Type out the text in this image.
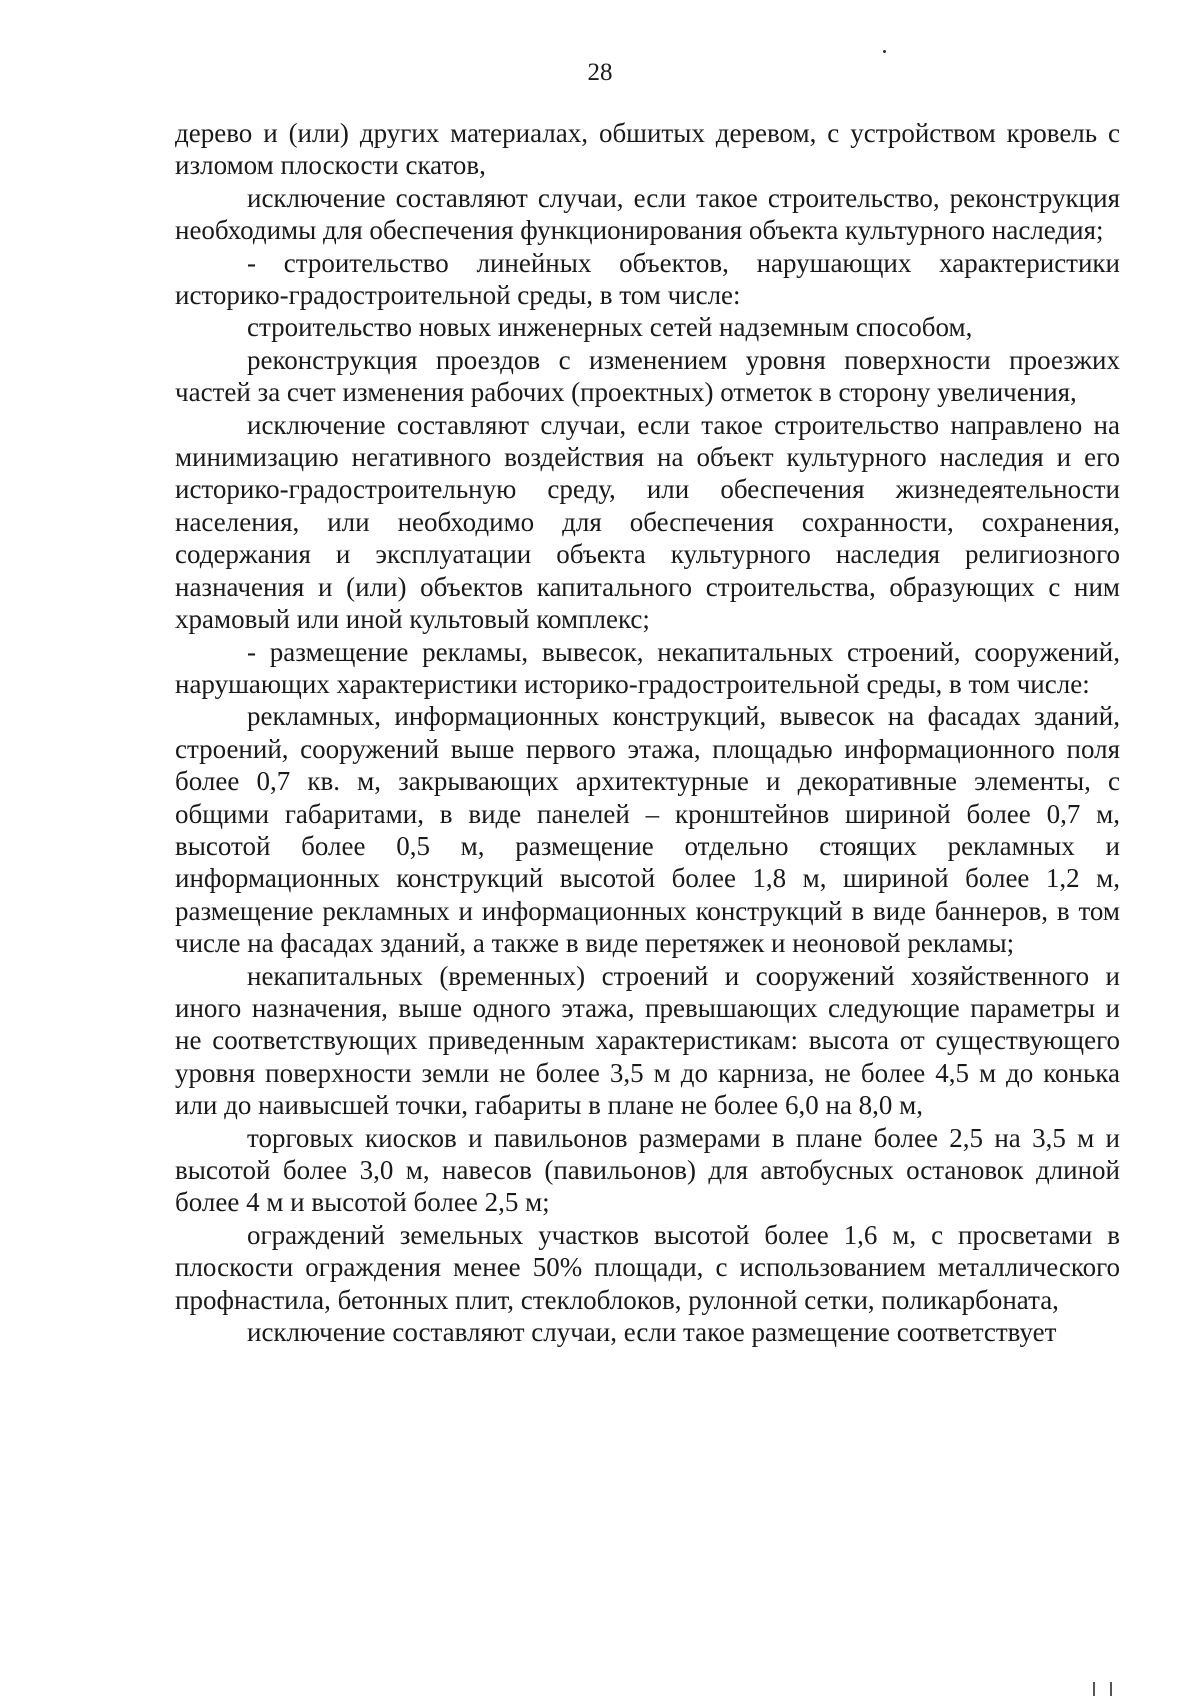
28

дерево и (или) других материалах, обшитых деревом, с устройством кровель с изломом плоскости скатов,

исключение составляют случаи, если такое строительство, реконструкция необходимы для обеспечения функционирования объекта культурного наследия;

- строительство линейных объектов, нарушающих характеристики историко-градостроительной среды, в том числе:

строительство новых инженерных сетей надземным способом,

реконструкция проездов с изменением уровня поверхности проезжих частей за счет изменения рабочих (проектных) отметок в сторону увеличения,

исключение составляют случаи, если такое строительство направлено на минимизацию негативного воздействия на объект культурного наследия и его историко-градостроительную среду, или обеспечения жизнедеятельности населения, или необходимо для обеспечения сохранности, сохранения, содержания и эксплуатации объекта культурного наследия религиозного назначения и (или) объектов капитального строительства, образующих с ним храмовый или иной культовый комплекс;

- размещение рекламы, вывесок, некапитальных строений, сооружений, нарушающих характеристики историко-градостроительной среды, в том числе:

рекламных, информационных конструкций, вывесок на фасадах зданий, строений, сооружений выше первого этажа, площадью информационного поля более 0,7 кв. м, закрывающих архитектурные и декоративные элементы, с общими габаритами, в виде панелей – кронштейнов шириной более 0,7 м, высотой более 0,5 м, размещение отдельно стоящих рекламных и информационных конструкций высотой более 1,8 м, шириной более 1,2 м, размещение рекламных и информационных конструкций в виде баннеров, в том числе на фасадах зданий, а также в виде перетяжек и неоновой рекламы;

некапитальных (временных) строений и сооружений хозяйственного и иного назначения, выше одного этажа, превышающих следующие параметры и не соответствующих приведенным характеристикам: высота от существующего уровня поверхности земли не более 3,5 м до карниза, не более 4,5 м до конька или до наивысшей точки, габариты в плане не более 6,0 на 8,0 м,

торговых киосков и павильонов размерами в плане более 2,5 на 3,5 м и высотой более 3,0 м, навесов (павильонов) для автобусных остановок длиной более 4 м и высотой более 2,5 м;

ограждений земельных участков высотой более 1,6 м, с просветами в плоскости ограждения менее 50% площади, с использованием металлического профнастила, бетонных плит, стеклоблоков, рулонной сетки, поликарбоната,

исключение составляют случаи, если такое размещение соответствует
